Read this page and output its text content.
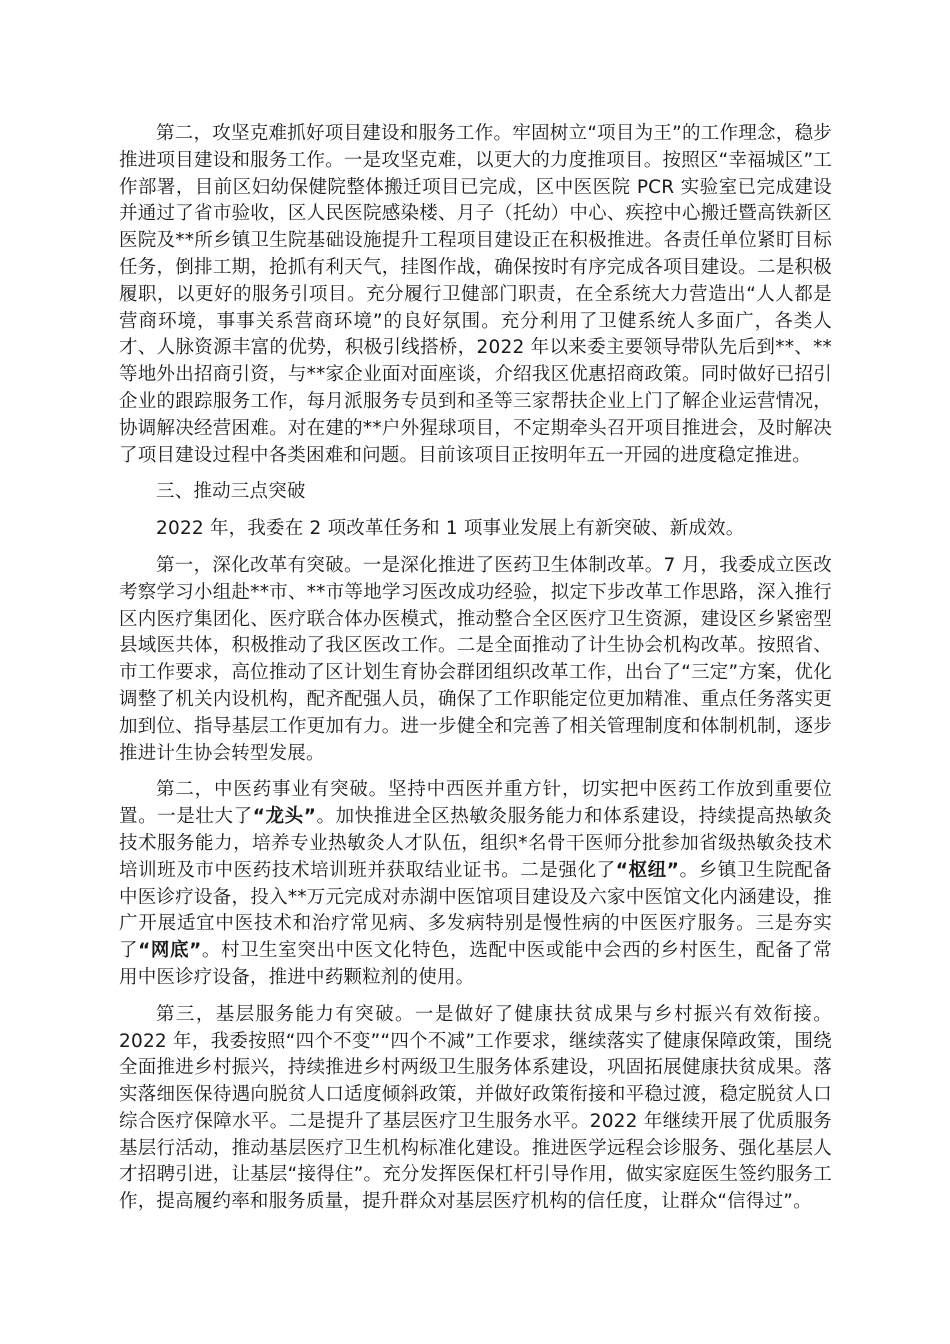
第二，攻坚克难抓好项目建设和服务工作。牢固树立“项目为王”的工作理念，稳步推进项目建设和服务工作。一是攻坚克难，以更大的力度推项目。按照区“幸福城区”工作部署，目前区妇幼保健院整体搬迁项目已完成，区中医医院 PCR 实验室已完成建设并通过了省市验收，区人民医院感染楼、月子（托幼）中心、疾控中心搬迁暨高铁新区医院及**所乡镇卫生院基础设施提升工程项目建设正在积极推进。各责任单位紧盯目标任务，倒排工期，抢抓有利天气，挂图作战，确保按时有序完成各项目建设。二是积极履职，以更好的服务引项目。充分履行卫健部门职责，在全系统大力营造出“人人都是营商环境，事事关系营商环境”的良好氛围。充分利用了卫健系统人多面广，各类人才、人脉资源丰富的优势，积极引线搭桥，2022 年以来委主要领导带队先后到**、**等地外出招商引资，与**家企业面对面座谈，介绍我区优惠招商政策。同时做好已招引企业的跟踪服务工作，每月派服务专员到和圣等三家帮扶企业上门了解企业运营情况，协调解决经营困难。对在建的**户外猩球项目，不定期牵头召开项目推进会，及时解决了项目建设过程中各类困难和问题。目前该项目正按明年五一开园的进度稳定推进。

三、推动三点突破

2022 年，我委在 2 项改革任务和 1 项事业发展上有新突破、新成效。

第一，深化改革有突破。一是深化推进了医药卫生体制改革。7 月，我委成立医改考察学习小组赴**市、**市等地学习医改成功经验，拟定下步改革工作思路，深入推行区内医疗集团化、医疗联合体办医模式，推动整合全区医疗卫生资源，建设区乡紧密型县域医共体，积极推动了我区医改工作。二是全面推动了计生协会机构改革。按照省、市工作要求，高位推动了区计划生育协会群团组织改革工作，出台了“三定”方案，优化调整了机关内设机构，配齐配强人员，确保了工作职能定位更加精准、重点任务落实更加到位、指导基层工作更加有力。进一步健全和完善了相关管理制度和体制机制，逐步推进计生协会转型发展。

第二，中医药事业有突破。坚持中西医并重方针，切实把中医药工作放到重要位置。一是壮大了“龙头”。加快推进全区热敏灸服务能力和体系建设，持续提高热敏灸技术服务能力，培养专业热敏灸人才队伍，组织*名骨干医师分批参加省级热敏灸技术培训班及市中医药技术培训班并获取结业证书。二是强化了“枢纽”。乡镇卫生院配备中医诊疗设备，投入**万元完成对赤湖中医馆项目建设及六家中医馆文化内涵建设，推广开展适宜中医技术和治疗常见病、多发病特别是慢性病的中医医疗服务。三是夯实了“网底”。村卫生室突出中医文化特色，选配中医或能中会西的乡村医生，配备了常用中医诊疗设备，推进中药颗粒剂的使用。

第三，基层服务能力有突破。一是做好了健康扶贫成果与乡村振兴有效衔接。2022 年，我委按照“四个不变”“四个不减”工作要求，继续落实了健康保障政策，围绕全面推进乡村振兴，持续推进乡村两级卫生服务体系建设，巩固拓展健康扶贫成果。落实落细医保待遇向脱贫人口适度倾斜政策，并做好政策衔接和平稳过渡，稳定脱贫人口综合医疗保障水平。二是提升了基层医疗卫生服务水平。2022 年继续开展了优质服务基层行活动，推动基层医疗卫生机构标准化建设。推进医学远程会诊服务、强化基层人才招聘引进，让基层“接得住”。充分发挥医保杠杆引导作用，做实家庭医生签约服务工作，提高履约率和服务质量，提升群众对基层医疗机构的信任度，让群众“信得过”。
